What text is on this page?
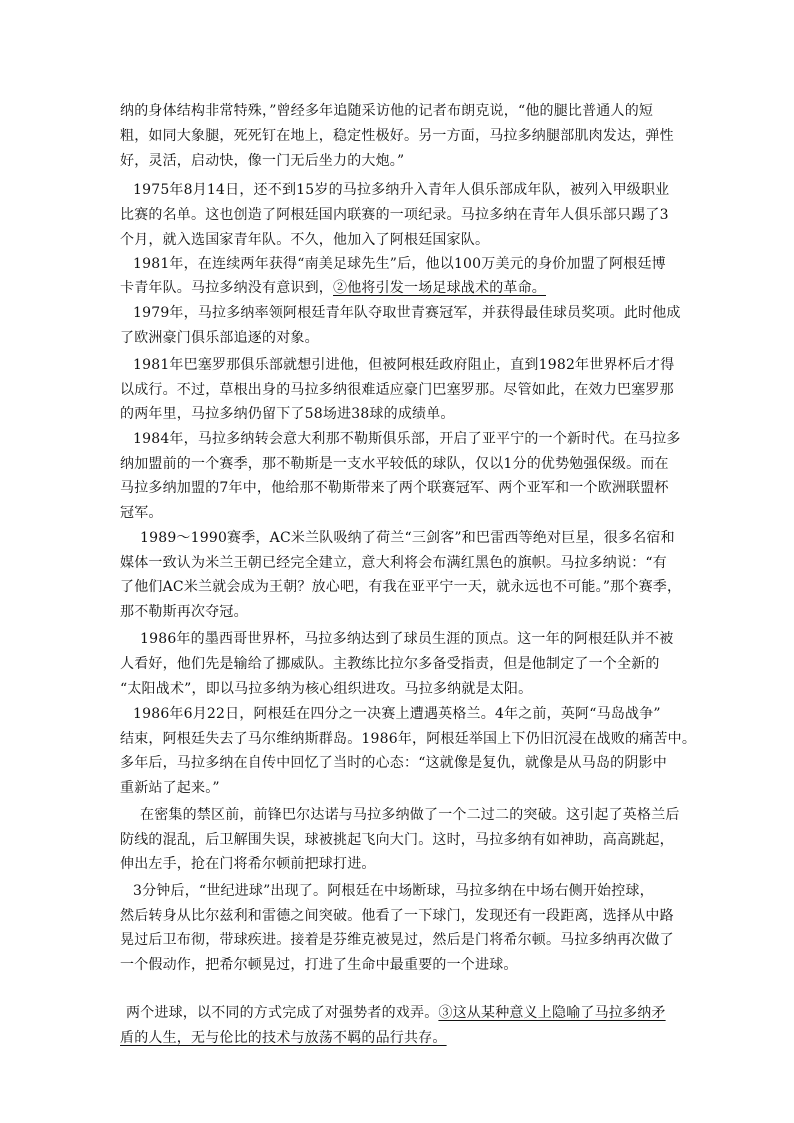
纳的身体结构非常特殊，”曾经多年追随采访他的记者布朗克说，“他的腿比普通人的短
粗，如同大象腿，死死钉在地上，稳定性极好。另一方面，马拉多纳腿部肌肉发达，弹性
好，灵活，启动快，像一门无后坐力的大炮。”
1975年8月14日，还不到15岁的马拉多纳升入青年人俱乐部成年队，被列入甲级职业
比赛的名单。这也创造了阿根廷国内联赛的一项纪录。马拉多纳在青年人俱乐部只踢了3
个月，就入选国家青年队。不久，他加入了阿根廷国家队。
1981年，在连续两年获得“南美足球先生”后，他以100万美元的身价加盟了阿根廷博
卡青年队。马拉多纳没有意识到，②他将引发一场足球战术的革命。
1979年，马拉多纳率领阿根廷青年队夺取世青赛冠军，并获得最佳球员奖项。此时他成
了欧洲豪门俱乐部追逐的对象。
1981年巴塞罗那俱乐部就想引进他，但被阿根廷政府阻止，直到1982年世界杯后才得
以成行。不过，草根出身的马拉多纳很难适应豪门巴塞罗那。尽管如此，在效力巴塞罗那
的两年里，马拉多纳仍留下了58场进38球的成绩单。
1984年，马拉多纳转会意大利那不勒斯俱乐部，开启了亚平宁的一个新时代。在马拉多
纳加盟前的一个赛季，那不勒斯是一支水平较低的球队，仅以1分的优势勉强保级。而在
马拉多纳加盟的7年中，他给那不勒斯带来了两个联赛冠军、两个亚军和一个欧洲联盟杯
冠军。
1989～1990赛季，AC米兰队吸纳了荷兰“三剑客”和巴雷西等绝对巨星，很多名宿和
媒体一致认为米兰王朝已经完全建立，意大利将会布满红黑色的旗帜。马拉多纳说：“有
了他们AC米兰就会成为王朝？放心吧，有我在亚平宁一天，就永远也不可能。”那个赛季，
那不勒斯再次夺冠。
1986年的墨西哥世界杯，马拉多纳达到了球员生涯的顶点。这一年的阿根廷队并不被
人看好，他们先是输给了挪威队。主教练比拉尔多备受指责，但是他制定了一个全新的
“太阳战术”，即以马拉多纳为核心组织进攻。马拉多纳就是太阳。
1986年6月22日，阿根廷在四分之一决赛上遭遇英格兰。4年之前，英阿“马岛战争”
结束，阿根廷失去了马尔维纳斯群岛。1986年，阿根廷举国上下仍旧沉浸在战败的痛苦中。
多年后，马拉多纳在自传中回忆了当时的心态：“这就像是复仇，就像是从马岛的阴影中
重新站了起来。”
在密集的禁区前，前锋巴尔达诺与马拉多纳做了一个二过二的突破。这引起了英格兰后
防线的混乱，后卫解围失误，球被挑起飞向大门。这时，马拉多纳有如神助，高高跳起，
伸出左手，抢在门将希尔顿前把球打进。
3分钟后，“世纪进球”出现了。阿根廷在中场断球，马拉多纳在中场右侧开始控球，
然后转身从比尔兹利和雷德之间突破。他看了一下球门，发现还有一段距离，选择从中路
晃过后卫布彻，带球疾进。接着是芬维克被晃过，然后是门将希尔顿。马拉多纳再次做了
一个假动作，把希尔顿晃过，打进了生命中最重要的一个进球。
两个进球，以不同的方式完成了对强势者的戏弄。③这从某种意义上隐喻了马拉多纳矛
盾的人生，无与伦比的技术与放荡不羁的品行共存。
